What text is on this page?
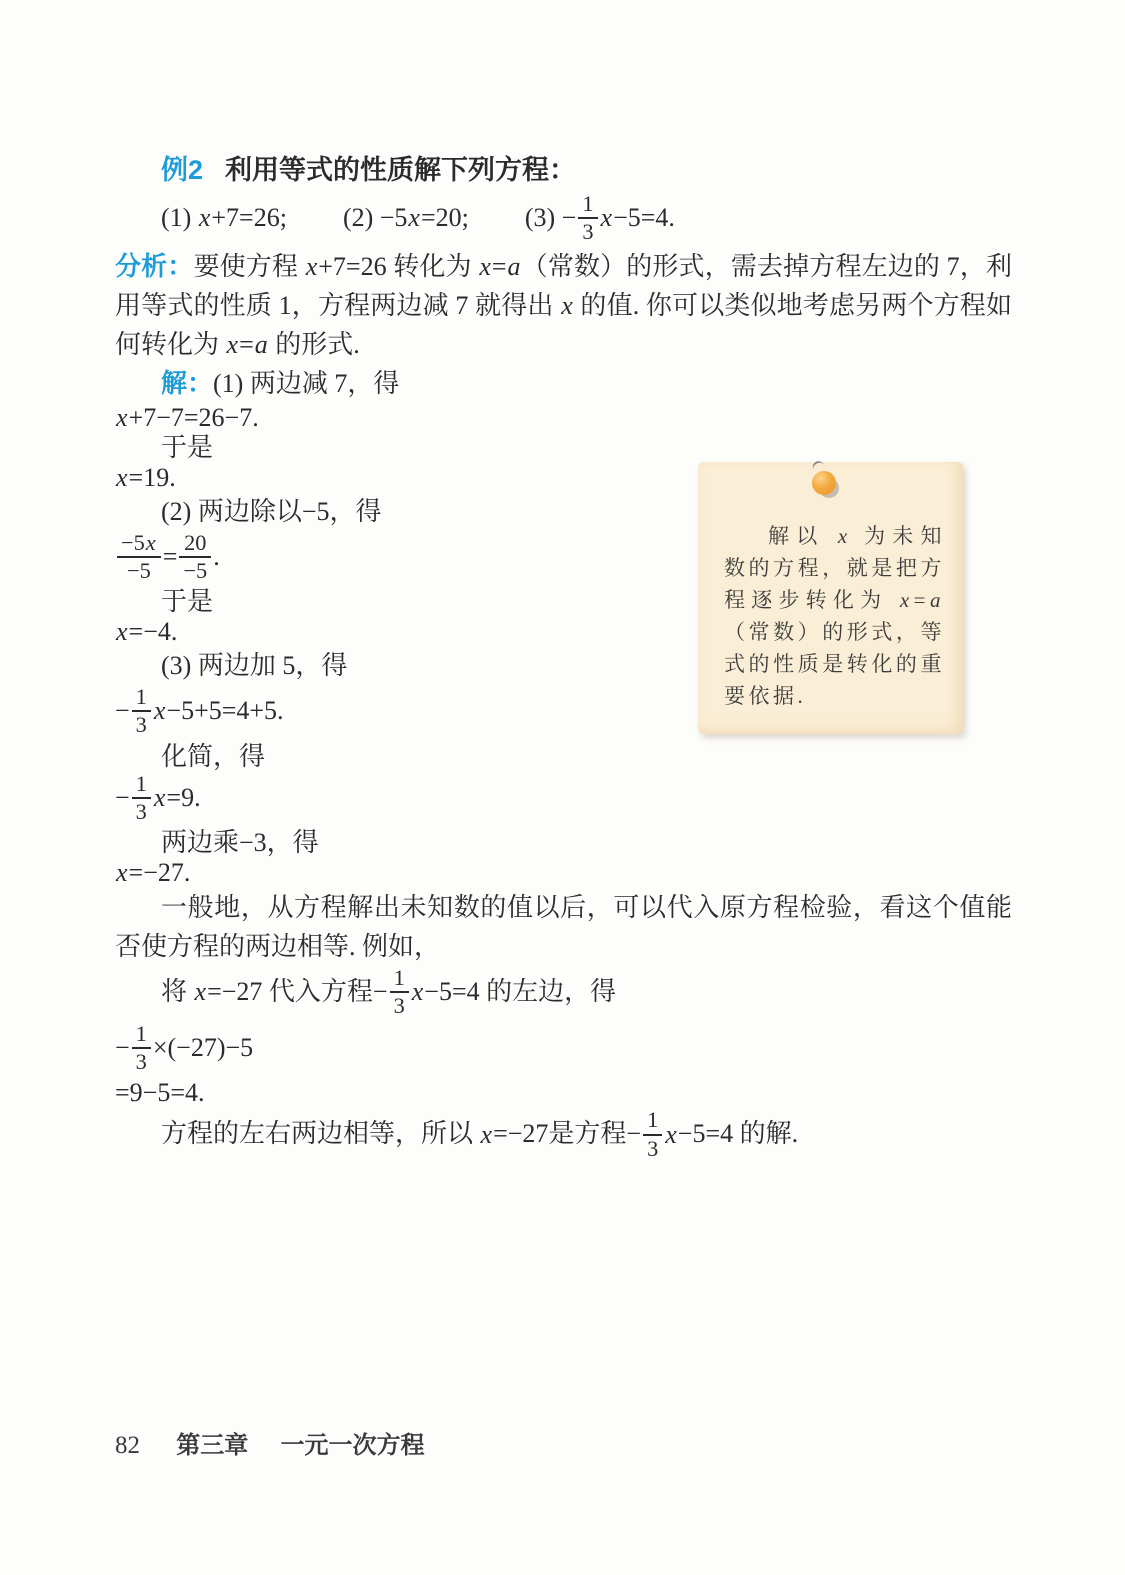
例2 利用等式的性质解下列方程：

(1) x+7=26; (2) −5x=20; $(3) - \frac{1}{3} x-5=4$.

分析：要使方程 x+7=26 转化为 x=a（常数）的形式，需去掉方程左边的 7，利用等式的性质 1，方程两边减 7 就得出 x 的值. 你可以类似地考虑另两个方程如何转化为 x=a 的形式.

解：(1) 两边减 7，得

x+7−7=26−7.

于是

x=19.

(2) 两边除以−5，得

$\frac{-5x}{-5} = \frac{20}{-5}$ .

于是

x=−4.

(3) 两边加 5，得

− $\frac{1}{3} x-5+5=4+5$.

化简，得

− $\frac{1}{3} x=9$.

两边乘−3，得

x=−27.

一般地，从方程解出未知数的值以后，可以代入原方程检验，看这个值能否使方程的两边相等. 例如，

将 x=−27 代入方程− $\frac{1}{3} x-5=4$ 的左边，得

− $\frac{1}{3} \times(-27)-5$

=9−5=4.

方程的左右两边相等，所以 x=−27是方程− $\frac{1}{3} x-5=4$ 的解.

解以 x 为未知数的方程，就是把方程逐步转化为 x=a（常数）的形式，等式的性质是转化的重要依据.
82 第三章 一元一次方程
